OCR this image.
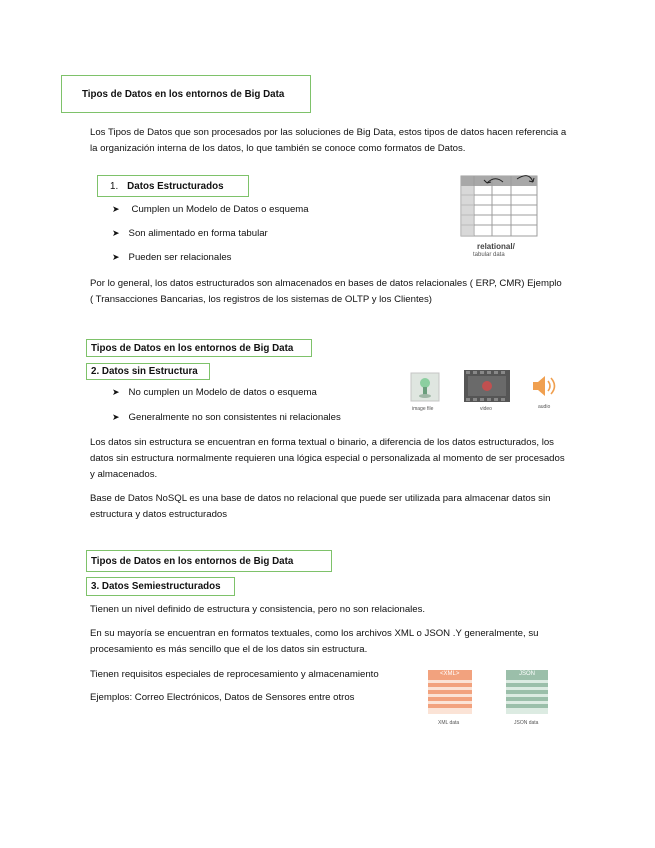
Tipos de Datos en los entornos de Big Data
Los Tipos de Datos que son procesados por las soluciones de Big Data, estos tipos de datos hacen referencia a la organización interna de los datos, lo que también se conoce como formatos de Datos.
1. Datos Estructurados
➤ Cumplen un Modelo de Datos o esquema
➤ Son alimentado en forma tabular
➤ Pueden ser relacionales
relational/
tabular data
Por lo general, los datos estructurados son almacenados en bases de datos relacionales ( ERP, CMR) Ejemplo ( Transacciones Bancarias, los registros de los sistemas de OLTP y los Clientes)
Tipos de Datos en los entornos de Big Data
2. Datos sin Estructura
➤ No cumplen un Modelo de datos o esquema
➤ Generalmente no son consistentes ni relacionales
image file	video	audio
Los datos sin estructura se encuentran en forma textual o binario, a diferencia de los datos estructurados, los datos sin estructura normalmente requieren una lógica especial o personalizada al momento de ser procesados y almacenados.
Base de Datos NoSQL es una base de datos no relacional que puede ser utilizada para almacenar datos sin estructura y datos estructurados
Tipos de Datos en los entornos de Big Data
3. Datos Semiestructurados
Tienen un nivel definido de estructura y consistencia, pero no son relacionales.
En su mayoría se encuentran en formatos textuales, como los archivos XML o JSON .Y generalmente, su procesamiento es más sencillo que el de los datos sin estructura.
Tienen requisitos especiales de reprocesamiento y almacenamiento
Ejemplos: Correo Electrónicos, Datos de Sensores entre otros
<XML>
XML data
JSON
JSON data
